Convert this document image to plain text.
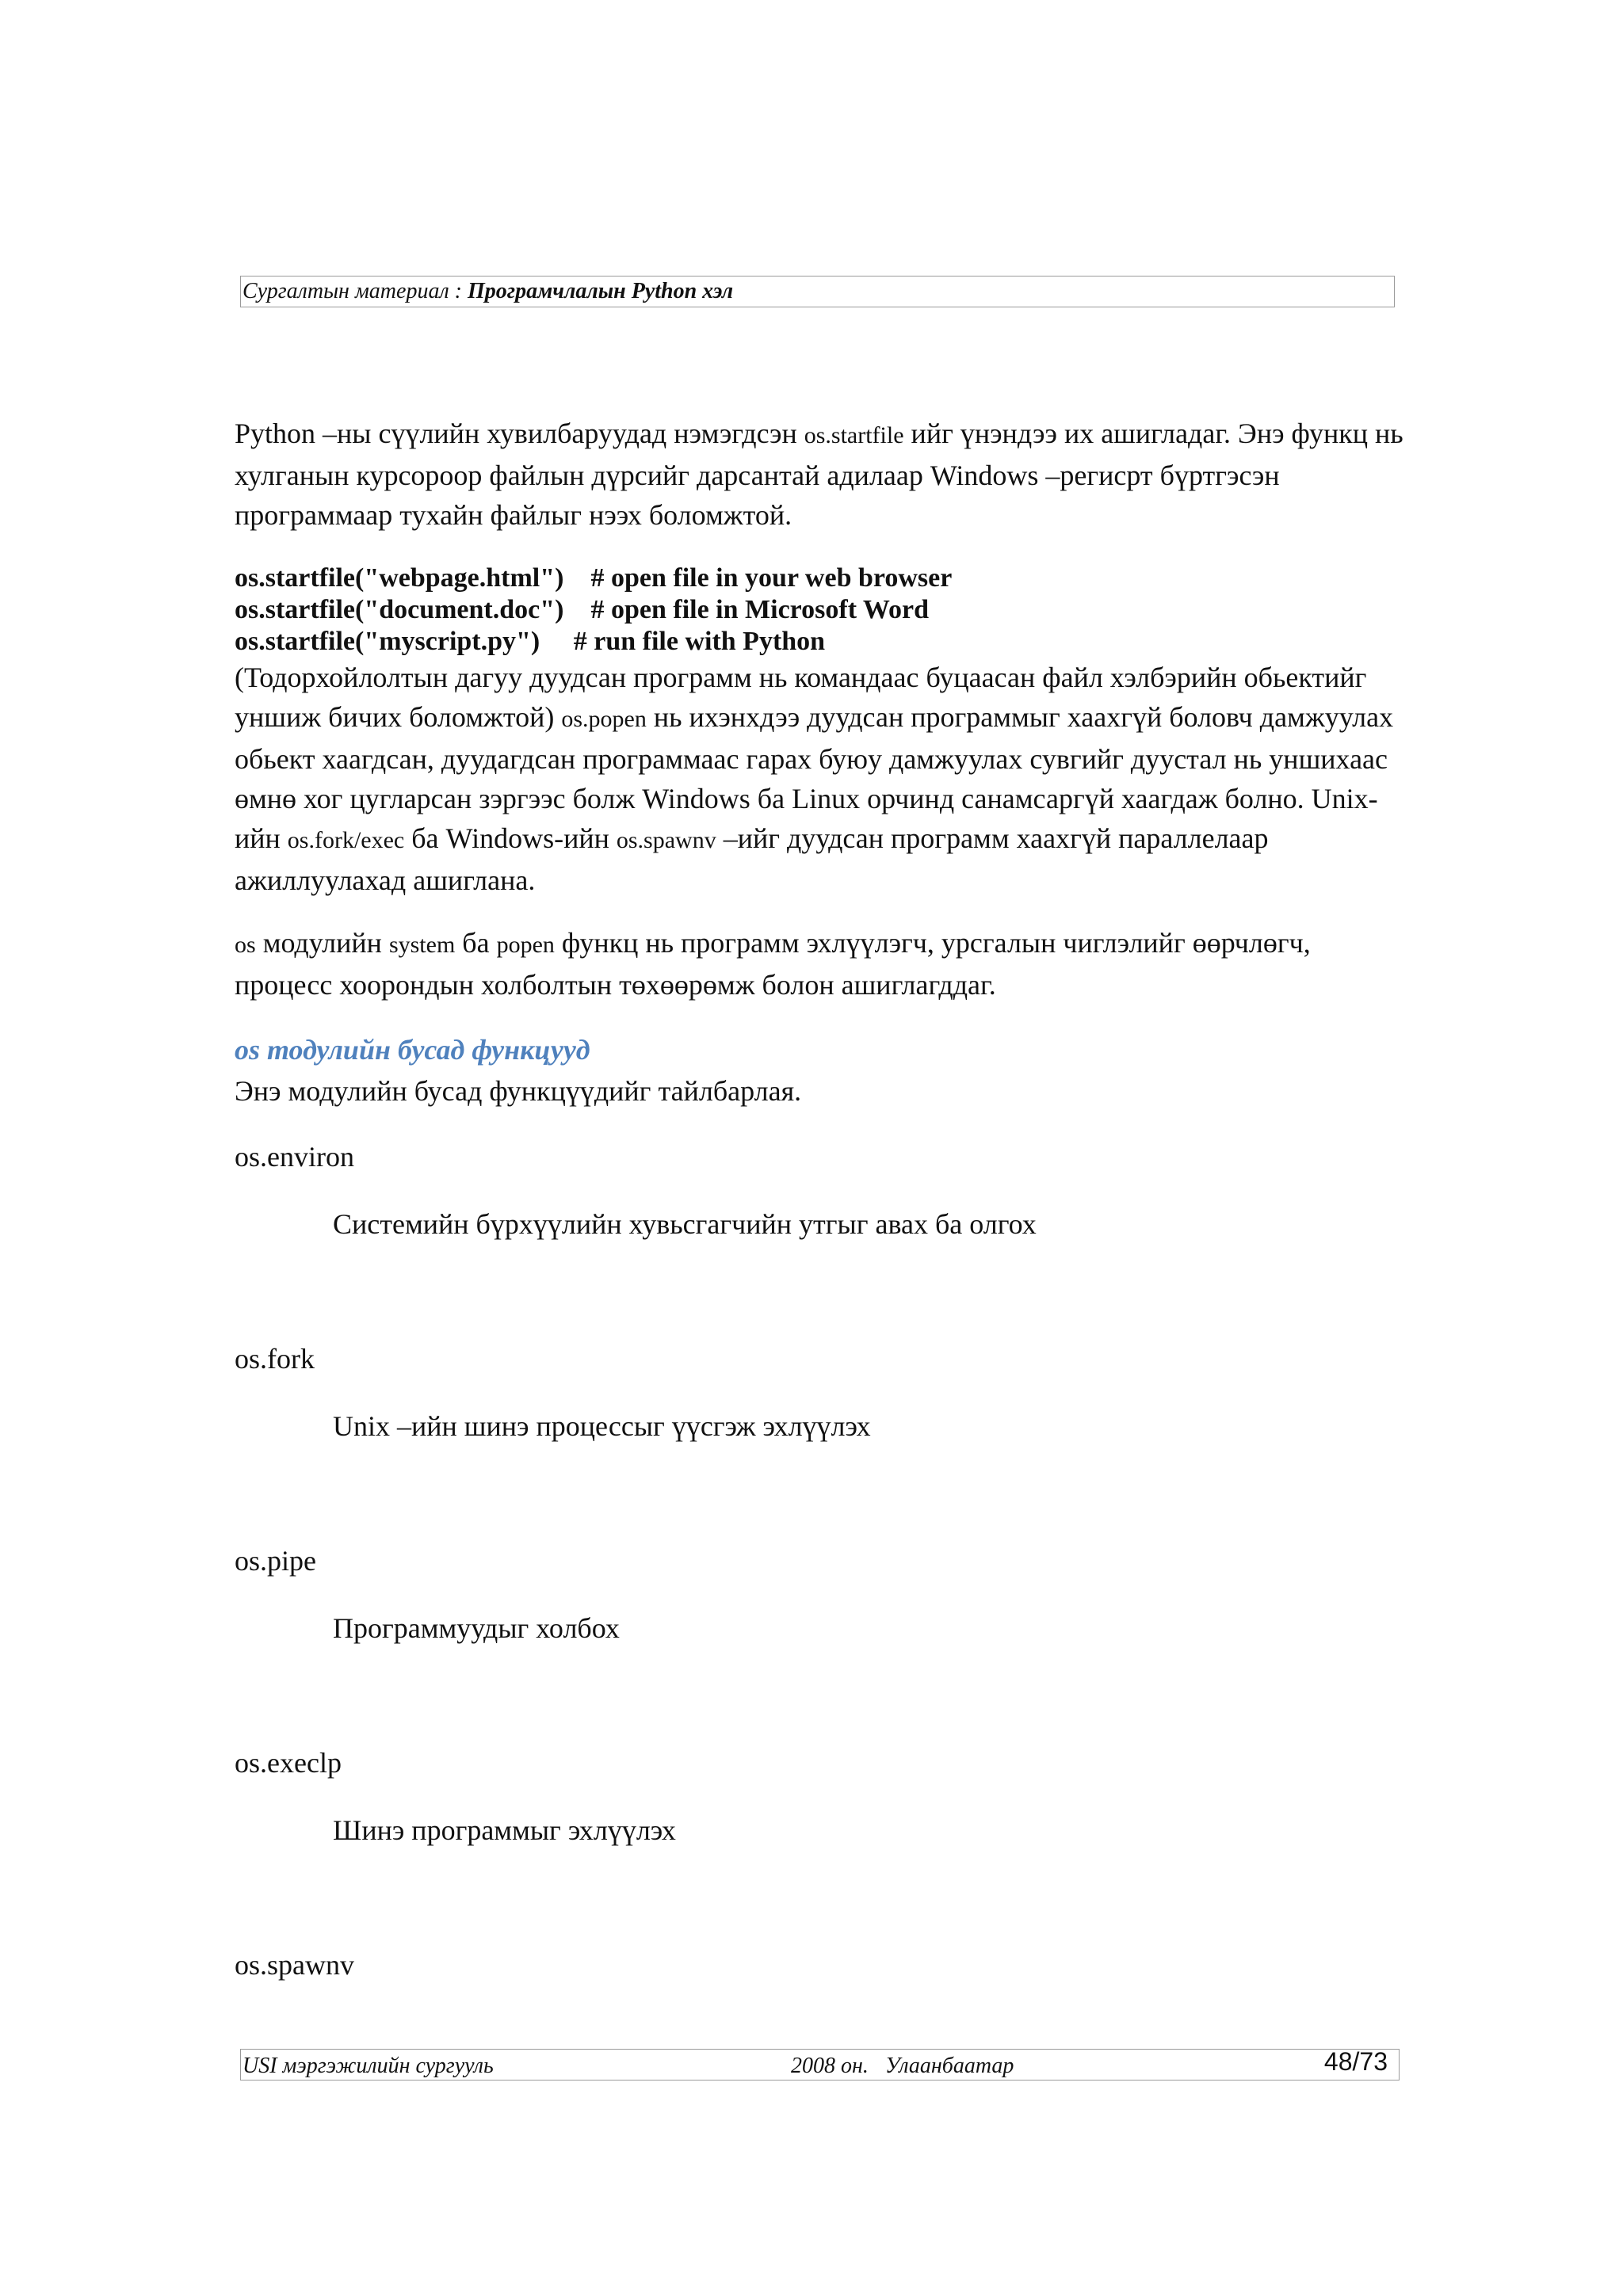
Сургалтын материал : Програмчлалын Python хэл
Python –ны сүүлийн хувилбаруудад нэмэгдсэн os.startfile ийг үнэндээ их ашигладаг. Энэ функц нь хулганын курсороор файлын дүрсийг дарсантай адилаар Windows –регисрт бүртгэсэн программаар тухайн файлыг нээх боломжтой.
os.startfile("webpage.html") # open file in your web browser
os.startfile("document.doc") # open file in Microsoft Word
os.startfile("myscript.py") # run file with Python
(Тодорхойлолтын дагуу дуудсан программ нь командаас буцаасан файл хэлбэрийн обьектийг уншиж бичих боломжтой) os.popen нь ихэнхдээ дуудсан программыг хаахгүй боловч дамжуулах обьект хаагдсан, дуудагдсан программаас гарах буюу дамжуулах сувгийг дуустал нь уншихаас өмнө хог цугларсан зэргээс болж Windows ба Linux орчинд санамсаргүй хаагдаж болно. Unix-ийн os.fork/exec ба Windows-ийн os.spawnv –ийг дуудсан программ хаахгүй параллелаар ажиллуулахад ашиглана.
os модулийн system ба popen функц нь программ эхлүүлэгч, урсгалын чиглэлийг өөрчлөгч, процесс хоорондын холболтын төхөөрөмж болон ашиглагддаг.
os тодулийн бусад функцууд
Энэ модулийн бусад функцүүдийг тайлбарлая.
os.environ
Системийн бүрхүүлийн хувьсгагчийн утгыг авах ба олгох
os.fork
Unix –ийн шинэ процессыг үүсгэж эхлүүлэх
os.pipe
Программуудыг холбох
os.execlp
Шинэ программыг эхлүүлэх
os.spawnv
USI мэргэжилийн сургууль	2008 он.   Улаанбаатар	48/73
